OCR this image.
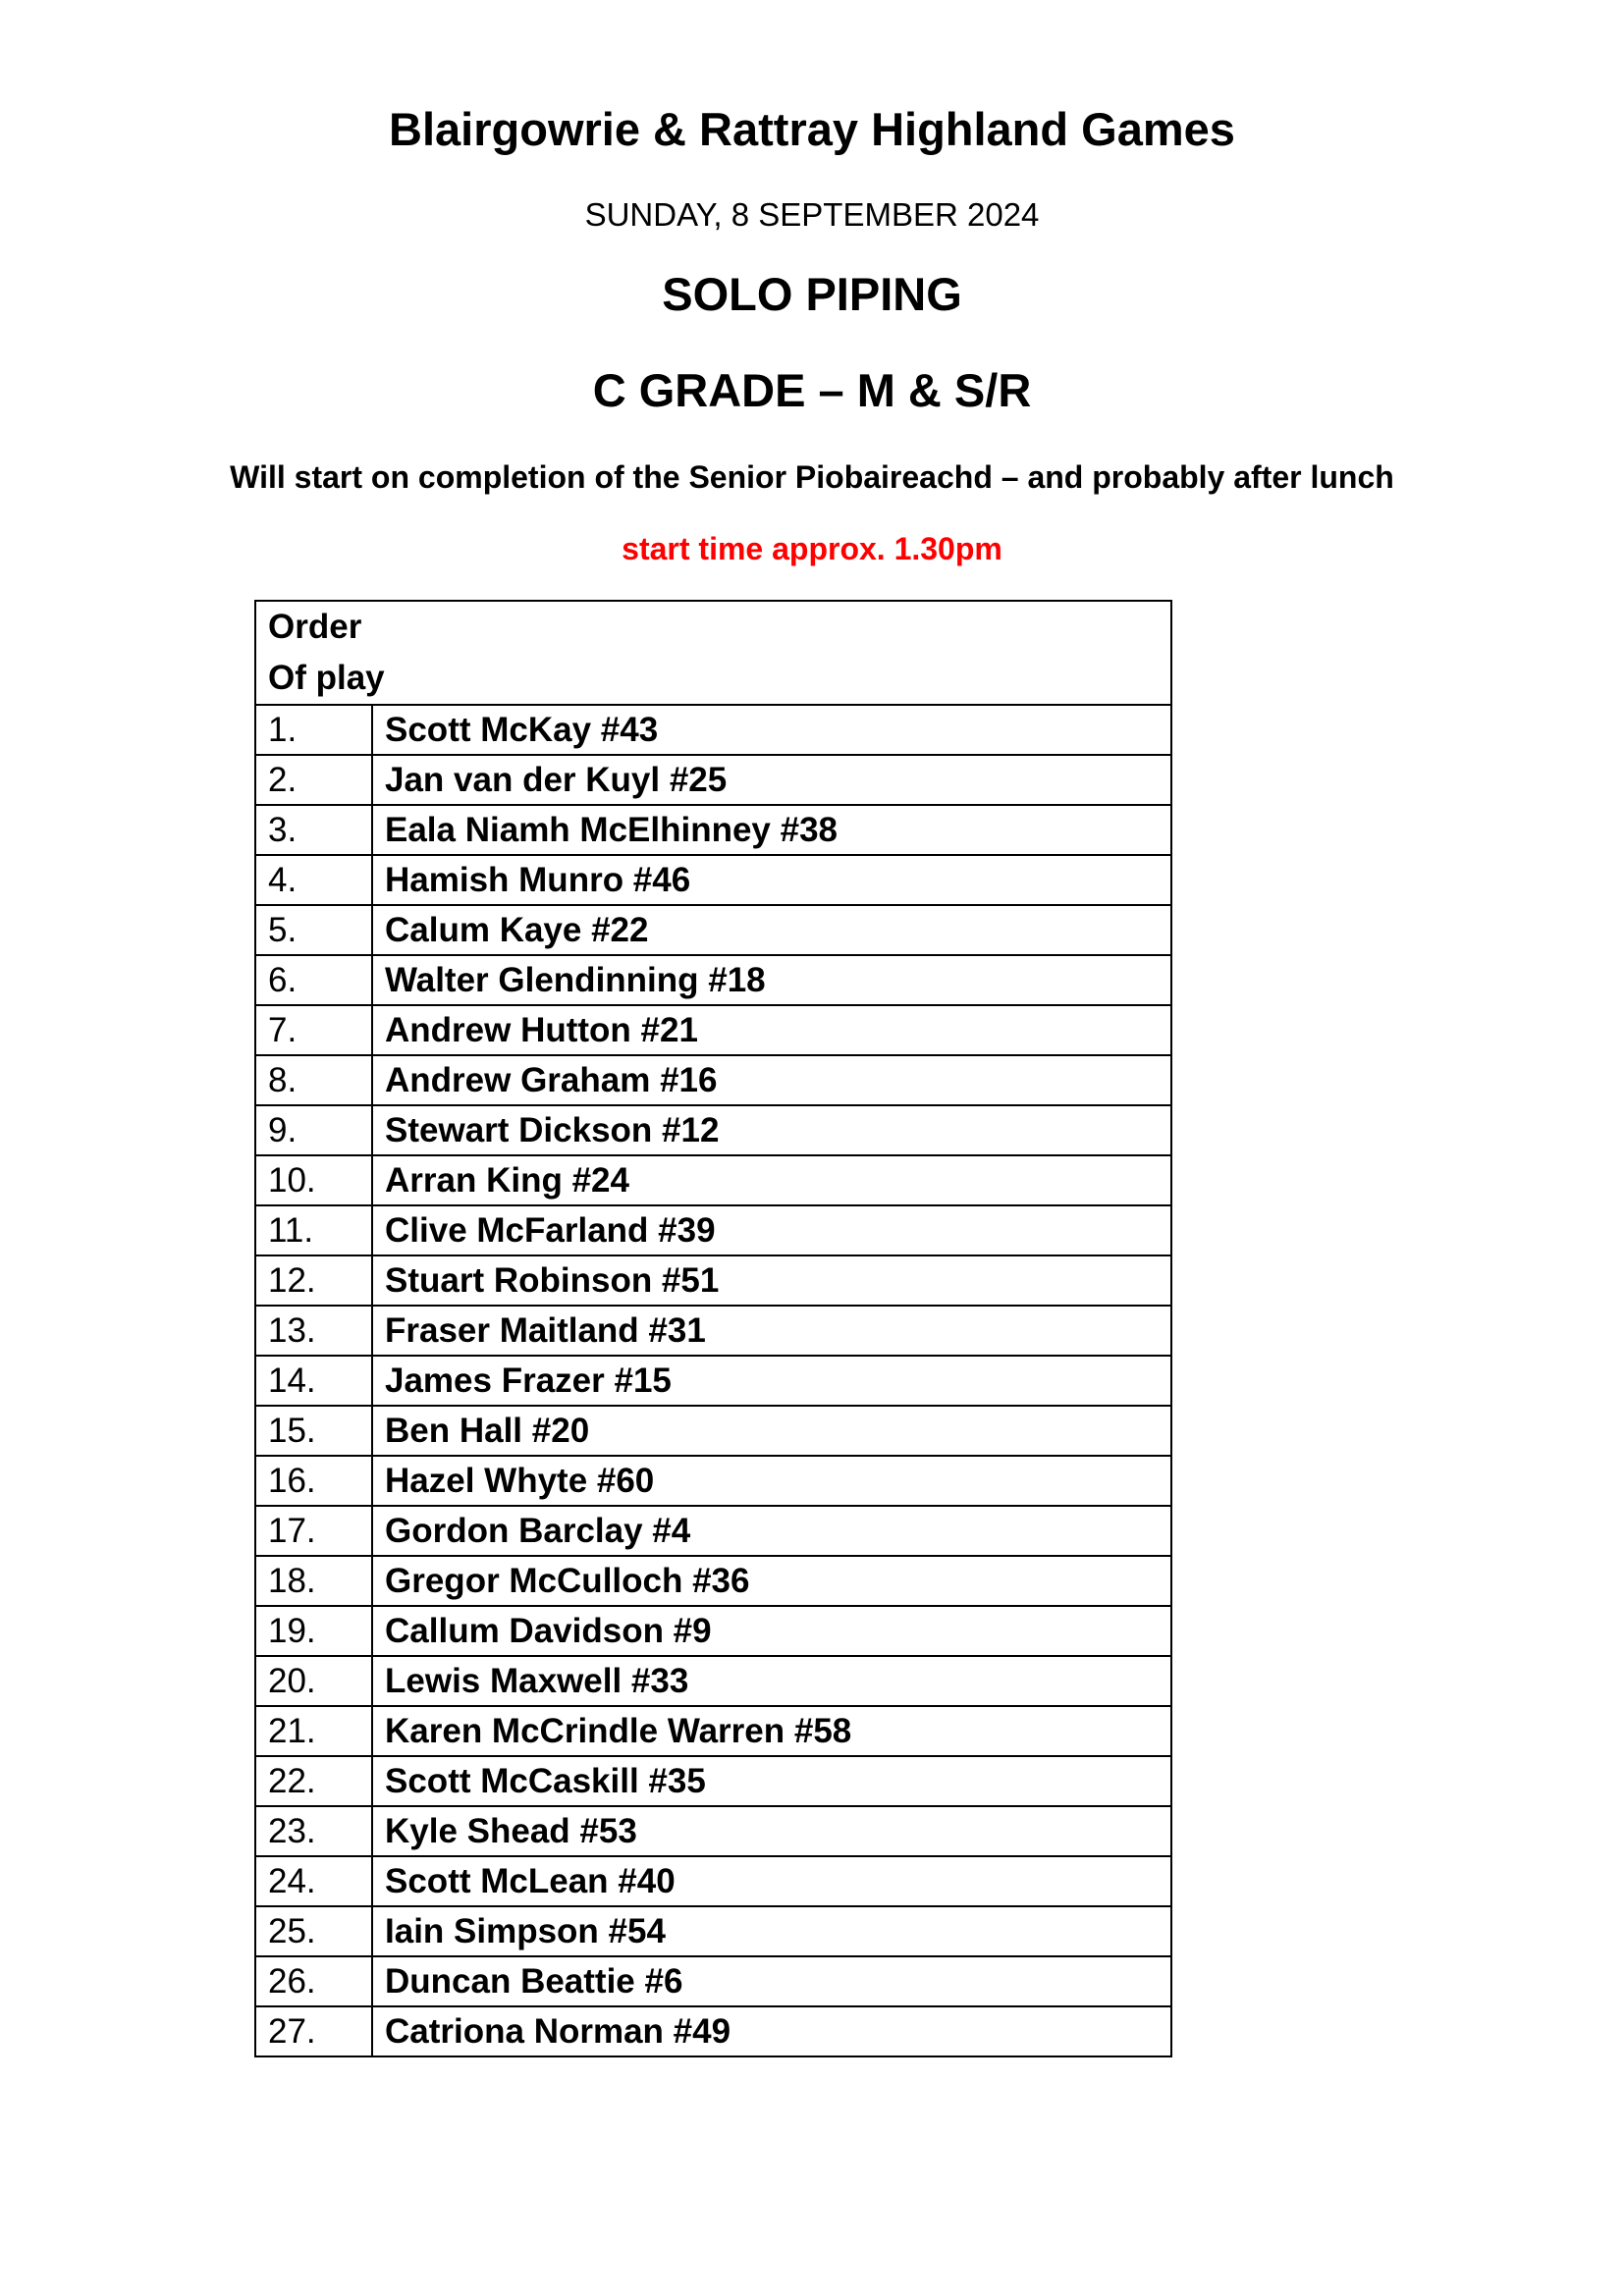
Blairgowrie & Rattray Highland Games
SUNDAY, 8 SEPTEMBER 2024
SOLO PIPING
C GRADE – M & S/R
Will start on completion of the Senior Piobaireachd – and probably after lunch
start time approx. 1.30pm
Order
Of play	

1.	Scott McKay #43
2.	Jan van der Kuyl #25
3.	Eala Niamh McElhinney #38
4.	Hamish Munro #46
5.	Calum Kaye #22
6.	Walter Glendinning #18
7.	Andrew Hutton #21
8.	Andrew Graham #16
9.	Stewart Dickson #12
10.	Arran King #24
11.	Clive McFarland #39
12.	Stuart Robinson #51
13.	Fraser Maitland #31
14.	James Frazer #15
15.	Ben Hall #20
16.	Hazel Whyte #60
17.	Gordon Barclay #4
18.	Gregor McCulloch #36
19.	Callum Davidson #9
20.	Lewis Maxwell #33
21.	Karen McCrindle Warren #58
22.	Scott McCaskill #35
23.	Kyle Shead #53
24.	Scott McLean #40
25.	Iain Simpson #54
26.	Duncan Beattie #6
27.	Catriona Norman #49
